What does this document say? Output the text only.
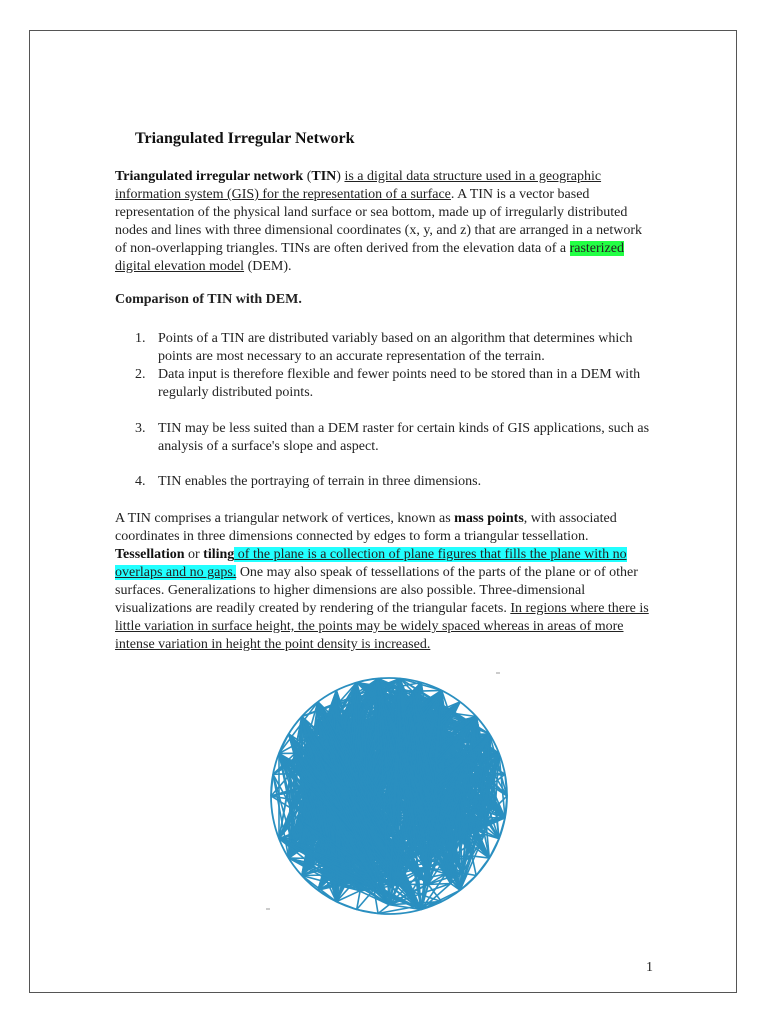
Triangulated Irregular Network

Triangulated irregular network (TIN) is a digital data structure used in a geographic information system (GIS) for the representation of a surface. A TIN is a vector based representation of the physical land surface or sea bottom, made up of irregularly distributed nodes and lines with three dimensional coordinates (x, y, and z) that are arranged in a network of non-overlapping triangles. TINs are often derived from the elevation data of a rasterized digital elevation model (DEM).

Comparison of TIN with DEM.
1. Points of a TIN are distributed variably based on an algorithm that determines which points are most necessary to an accurate representation of the terrain.
2. Data input is therefore flexible and fewer points need to be stored than in a DEM with regularly distributed points.
3. TIN may be less suited than a DEM raster for certain kinds of GIS applications, such as analysis of a surface's slope and aspect.
4. TIN enables the portraying of terrain in three dimensions.

A TIN comprises a triangular network of vertices, known as mass points, with associated coordinates in three dimensions connected by edges to form a triangular tessellation. Tessellation or tiling of the plane is a collection of plane figures that fills the plane with no overlaps and no gaps. One may also speak of tessellations of the parts of the plane or of other surfaces. Generalizations to higher dimensions are also possible. Three-dimensional visualizations are readily created by rendering of the triangular facets. In regions where there is little variation in surface height, the points may be widely spaced whereas in areas of more intense variation in height the point density is increased.

1
